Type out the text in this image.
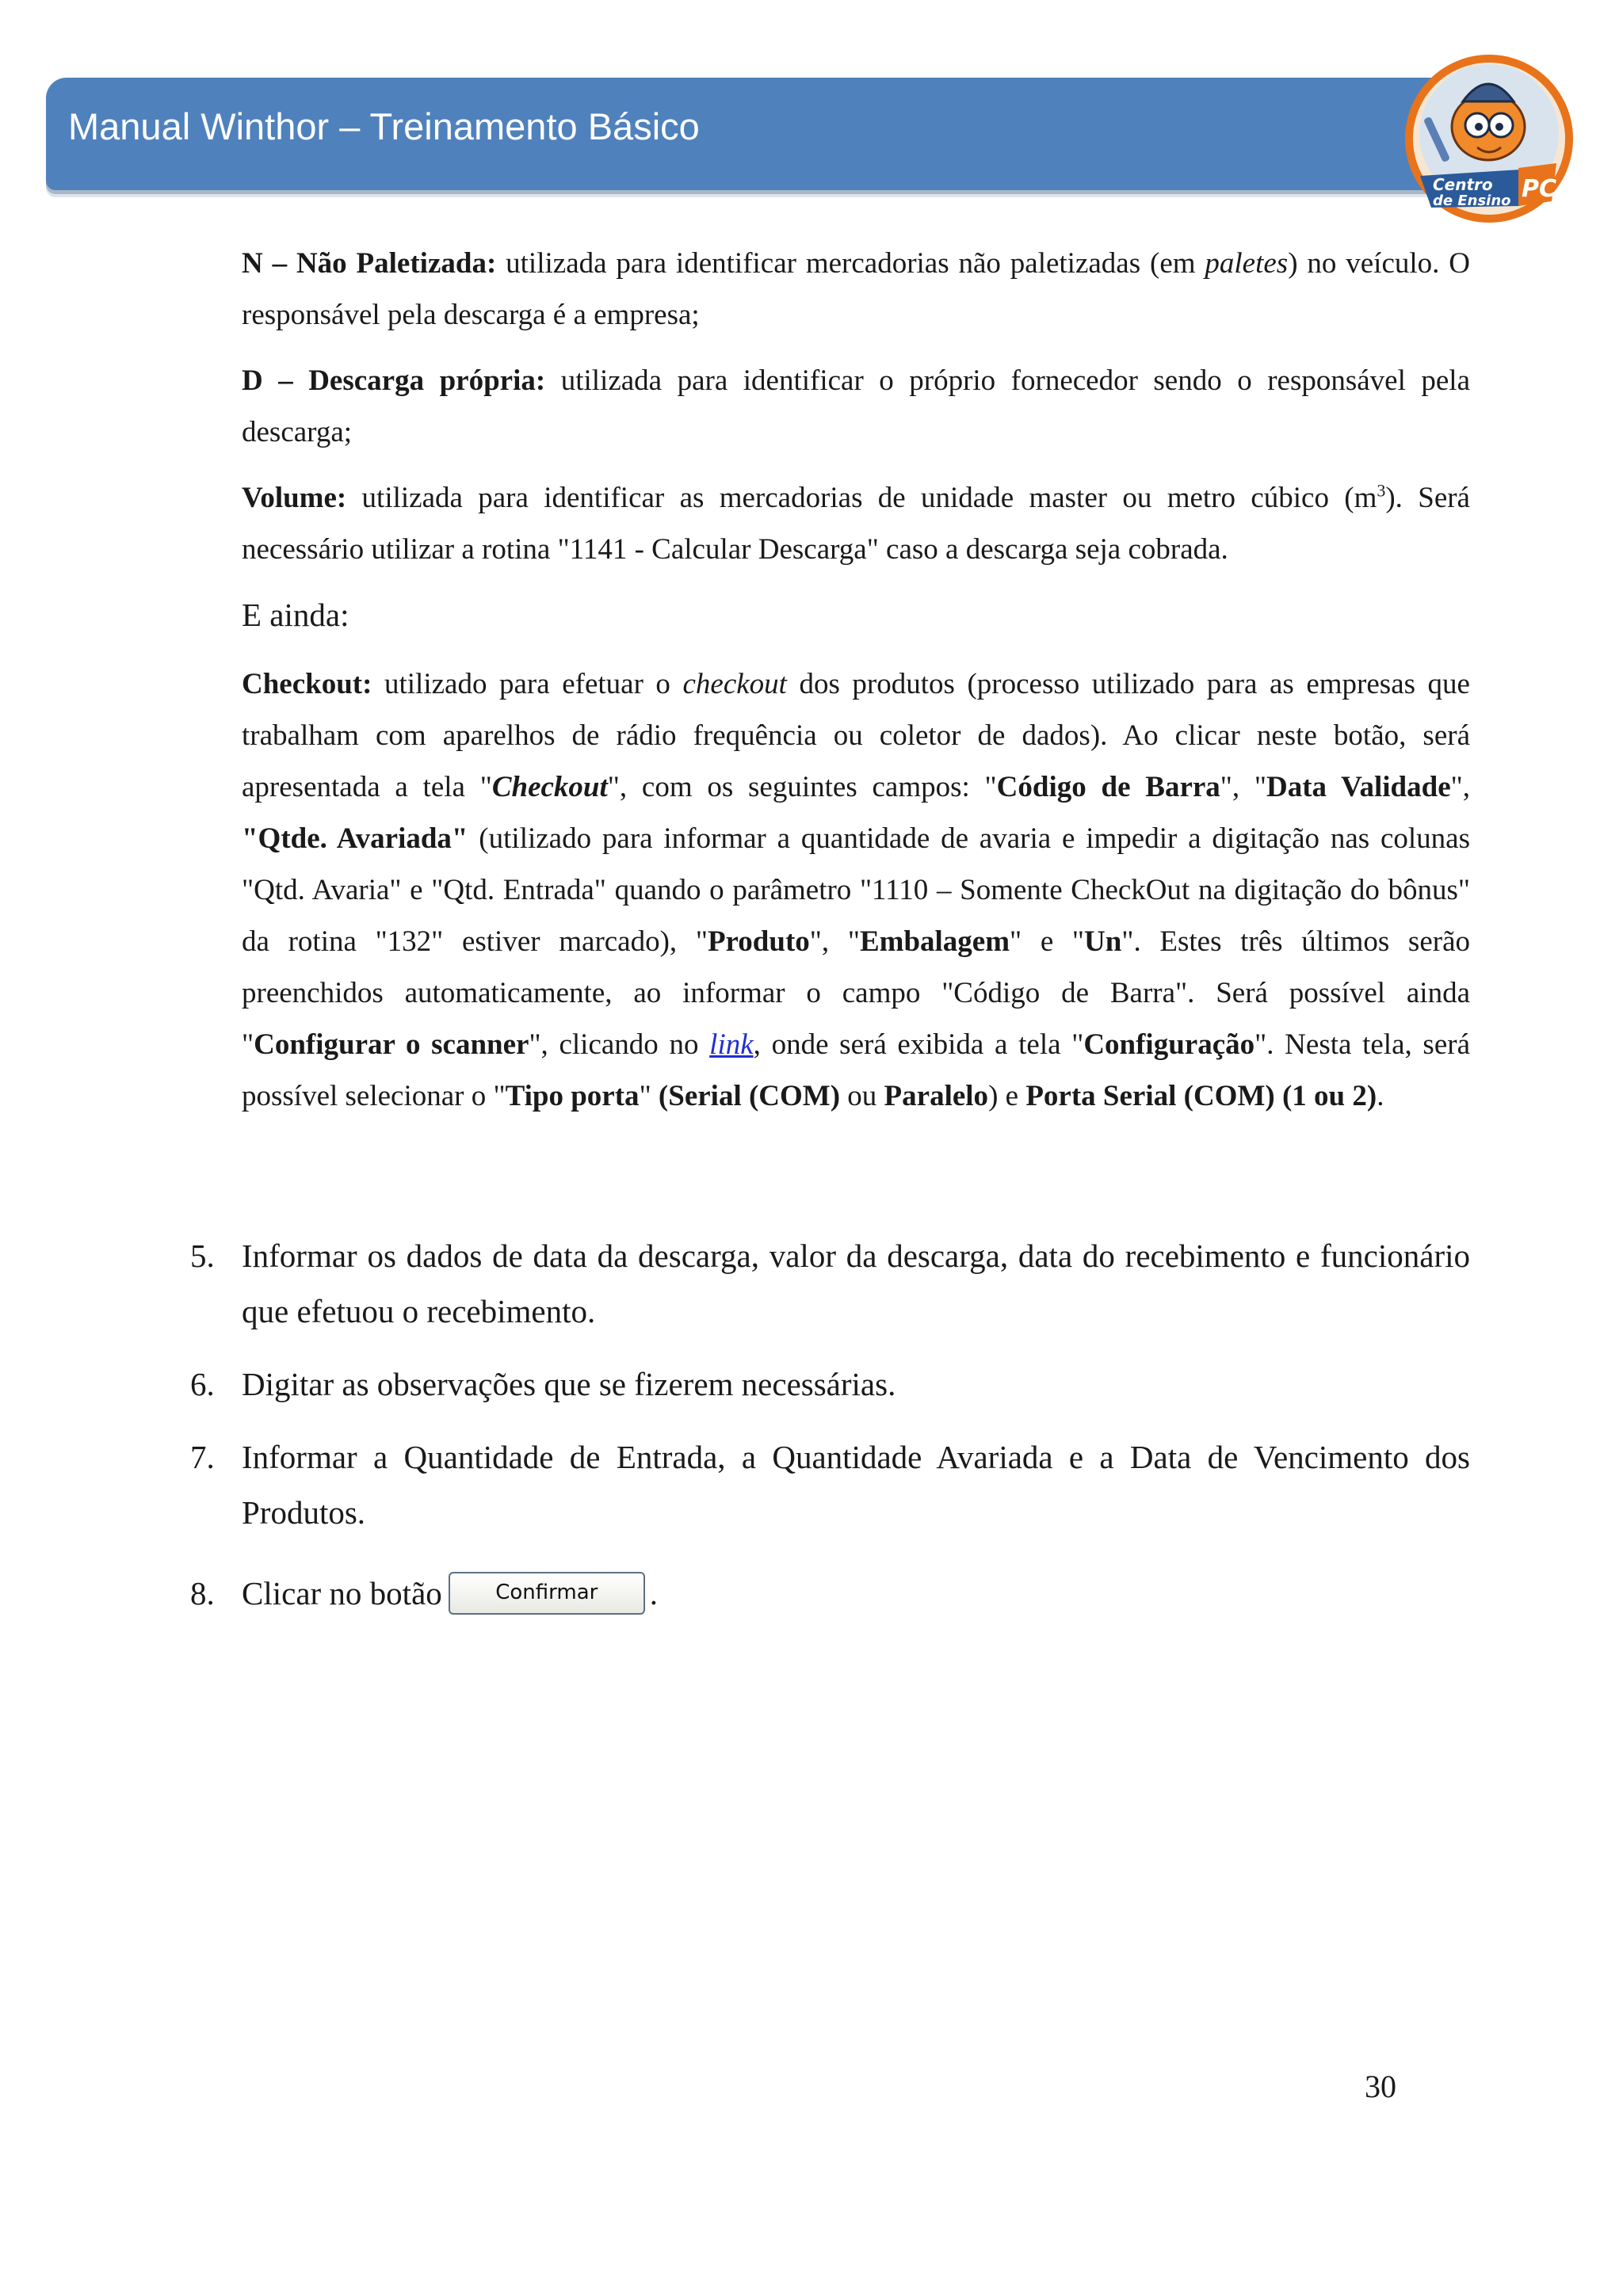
Manual Winthor – Treinamento Básico
Centro
de Ensino PC

N – Não Paletizada: utilizada para identificar mercadorias não paletizadas (em paletes) no veículo. O responsável pela descarga é a empresa;

D – Descarga própria: utilizada para identificar o próprio fornecedor sendo o responsável pela descarga;

Volume: utilizada para identificar as mercadorias de unidade master ou metro cúbico $(m^3)$. Será necessário utilizar a rotina "1141 - Calcular Descarga" caso a descarga seja cobrada.

E ainda:

Checkout: utilizado para efetuar o checkout dos produtos (processo utilizado para as empresas que trabalham com aparelhos de rádio frequência ou coletor de dados). Ao clicar neste botão, será apresentada a tela "Checkout", com os seguintes campos: "Código de Barra", "Data Validade", "Qtde. Avariada" (utilizado para informar a quantidade de avaria e impedir a digitação nas colunas "Qtd. Avaria" e "Qtd. Entrada" quando o parâmetro "1110 – Somente CheckOut na digitação do bônus" da rotina "132" estiver marcado), "Produto", "Embalagem" e "Un". Estes três últimos serão preenchidos automaticamente, ao informar o campo "Código de Barra". Será possível ainda "Configurar o scanner", clicando no link, onde será exibida a tela "Configuração". Nesta tela, será possível selecionar o "Tipo porta" (Serial (COM) ou Paralelo) e Porta Serial (COM) (1 ou 2).

5. Informar os dados de data da descarga, valor da descarga, data do recebimento e funcionário que efetuou o recebimento.
6. Digitar as observações que se fizerem necessárias.
7. Informar a Quantidade de Entrada, a Quantidade Avariada e a Data de Vencimento dos Produtos.
8. Clicar no botão	Confirmar .
30
